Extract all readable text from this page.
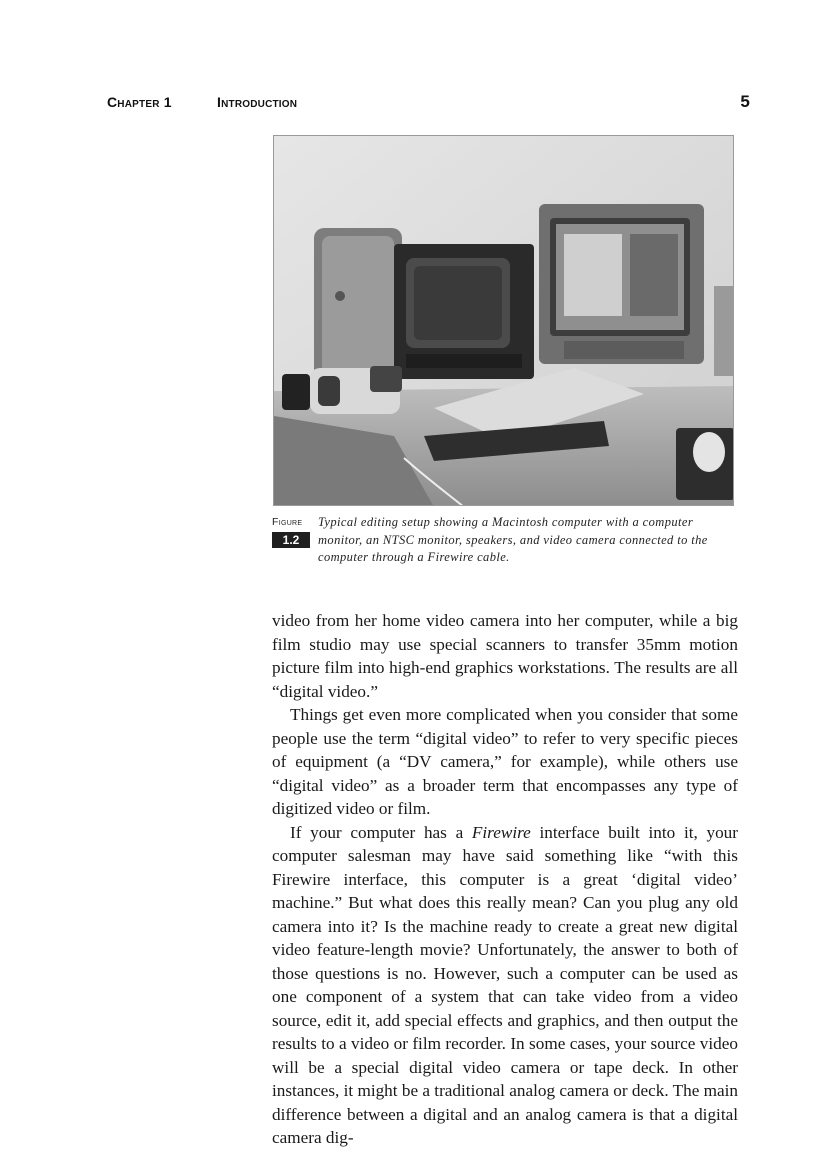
Chapter 1	Introduction	5
Figure
1.2
Typical editing setup showing a Macintosh computer with a computer monitor, an NTSC monitor, speakers, and video camera connected to the computer through a Firewire cable.

video from her home video camera into her computer, while a big film studio may use special scanners to transfer 35mm motion picture film into high-end graphics workstations. The results are all “digital video.”

Things get even more complicated when you consider that some people use the term “digital video” to refer to very specific pieces of equipment (a “DV camera,” for example), while others use “digital video” as a broader term that encompasses any type of digitized video or film.

If your computer has a Firewire interface built into it, your computer salesman may have said something like “with this Firewire interface, this computer is a great ‘digital video’ machine.” But what does this really mean? Can you plug any old camera into it? Is the machine ready to create a great new digital video feature-length movie? Unfortunately, the answer to both of those questions is no. However, such a computer can be used as one component of a system that can take video from a video source, edit it, add special effects and graphics, and then output the results to a video or film recorder. In some cases, your source video will be a special digital video camera or tape deck. In other instances, it might be a traditional analog camera or deck. The main difference between a digital and an analog camera is that a digital camera dig-
